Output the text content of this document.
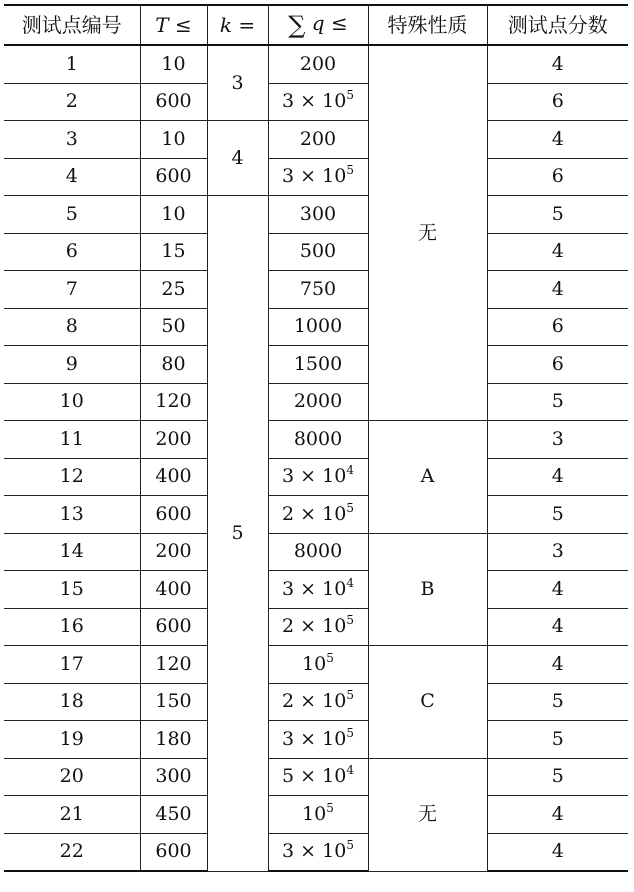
测试点编号	T ≤	k =	∑ q ≤	特殊性质	测试点分数
1	10	3	200	无	4
2	600		$3 \times 10^5$		6
3	10	4	200		4
4	600		$3 \times 10^5$		6
5	10	5	300		5
6	15		500		4
7	25		750		4
8	50		1000		6
9	80		1500		6
10	120		2000		5
11	200		8000	A	3
12	400		$3 \times 10^4$		4
13	600		$2 \times 10^5$		5
14	200		8000	B	3
15	400		$3 \times 10^4$		4
16	600		$2 \times 10^5$		4
17	120		$10^5$	C	4
18	150		$2 \times 10^5$		5
19	180		$3 \times 10^5$		5
20	300		$5 \times 10^4$	无	5
21	450		$10^5$		4
22	600		$3 \times 10^5$		4
